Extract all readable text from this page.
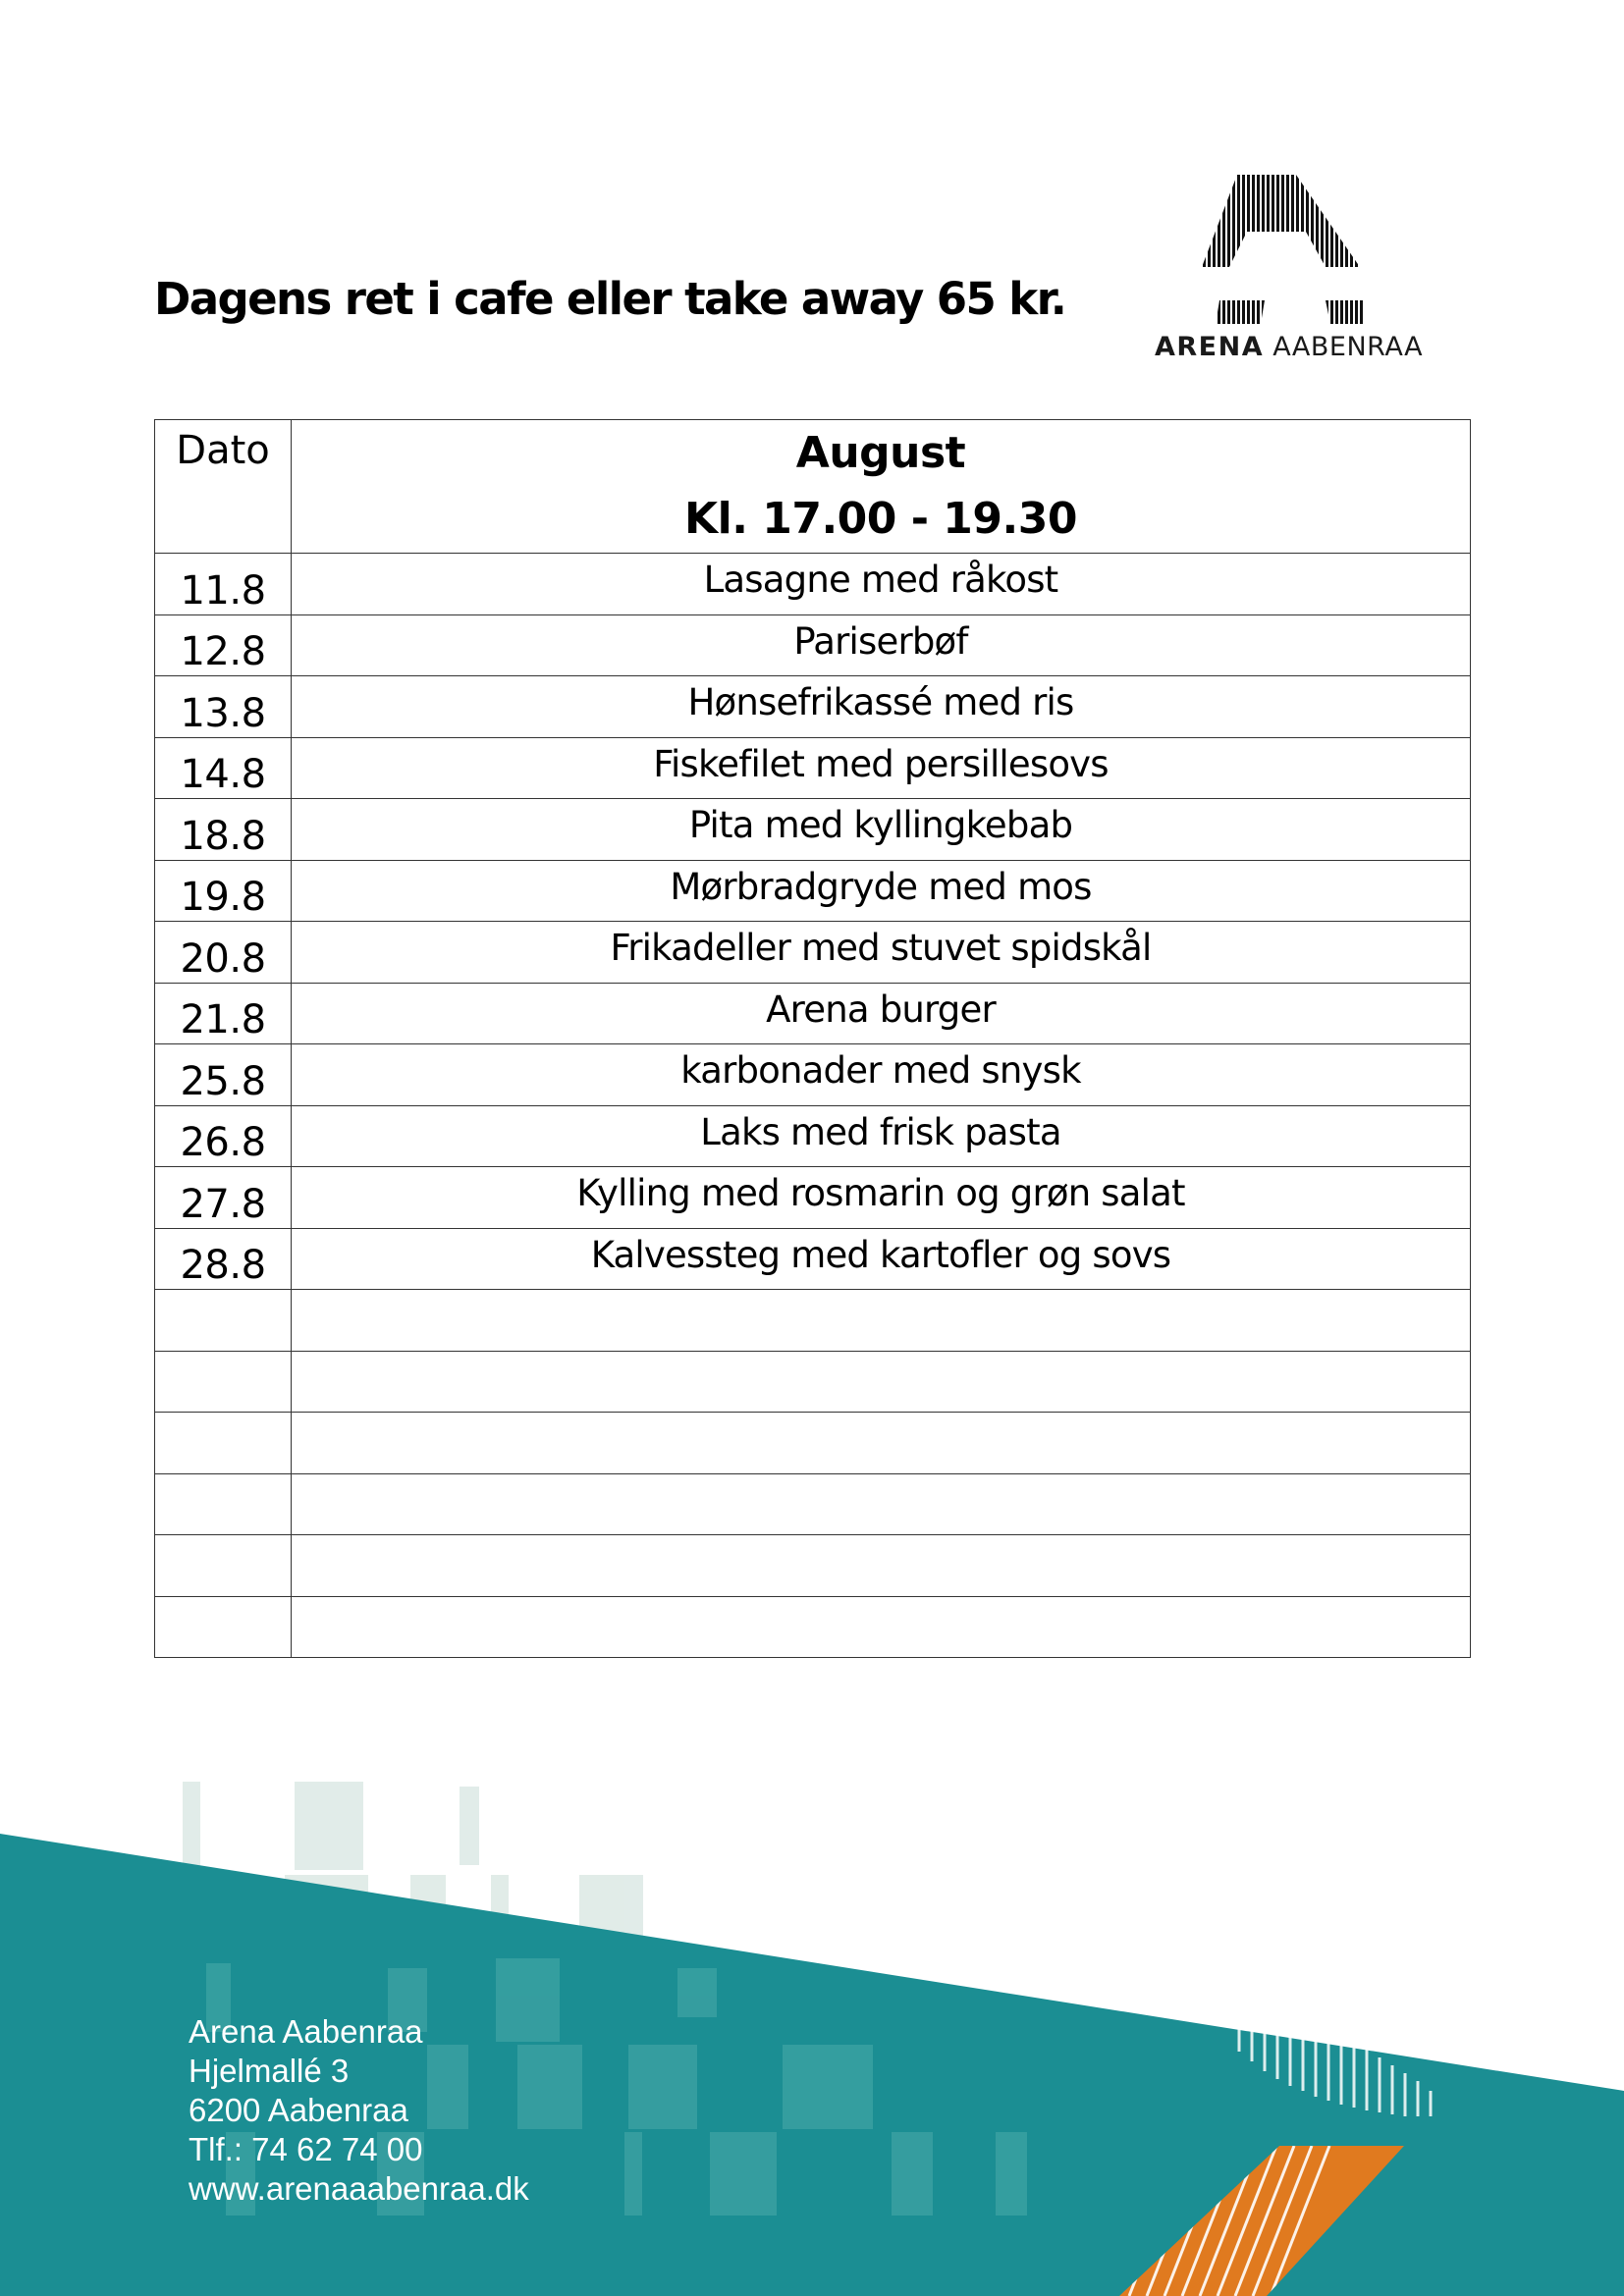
Dagens ret i cafe eller take away 65 kr.
ARENA AABENRAA
Dato	August
Kl. 17.00 - 19.30

11.8	Lasagne med råkost
12.8	Pariserbøf
13.8	Hønsefrikassé med ris
14.8	Fiskefilet med persillesovs
18.8	Pita med kyllingkebab
19.8	Mørbradgryde med mos
20.8	Frikadeller med stuvet spidskål
21.8	Arena burger
25.8	karbonader med snysk
26.8	Laks med frisk pasta
27.8	Kylling med rosmarin og grøn salat
28.8	Kalvessteg med kartofler og sovs

Arena Aabenraa
Hjelmallé 3
6200 Aabenraa
Tlf.: 74 62 74 00
www.arenaaabenraa.dk
